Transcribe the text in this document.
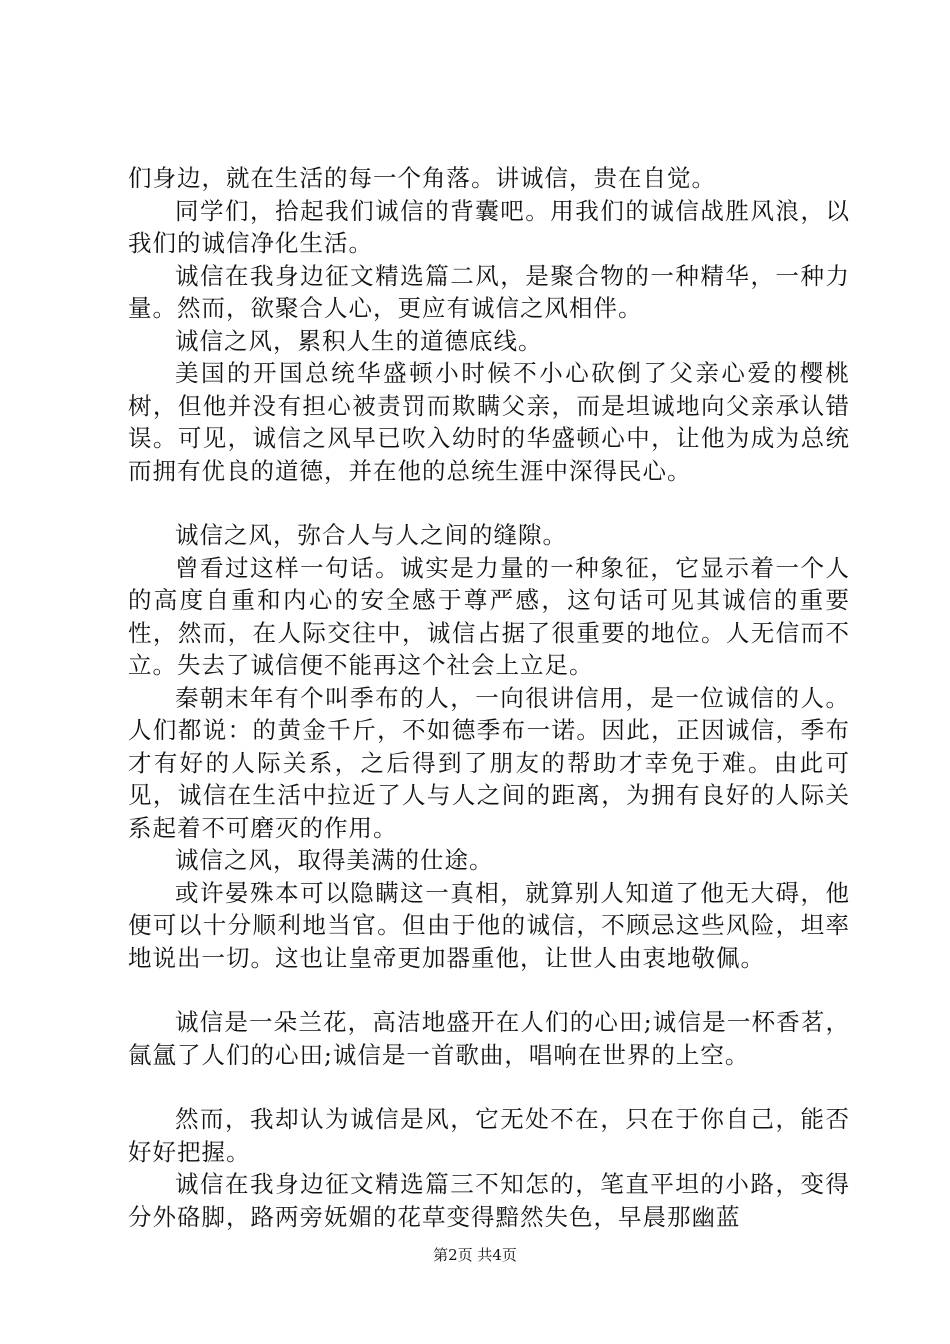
们身边，就在生活的每一个角落。讲诚信，贵在自觉。

同学们，拾起我们诚信的背囊吧。用我们的诚信战胜风浪，以我们的诚信净化生活。

诚信在我身边征文精选篇二风，是聚合物的一种精华，一种力量。然而，欲聚合人心，更应有诚信之风相伴。

诚信之风，累积人生的道德底线。

美国的开国总统华盛顿小时候不小心砍倒了父亲心爱的樱桃树，但他并没有担心被责罚而欺瞒父亲，而是坦诚地向父亲承认错误。可见，诚信之风早已吹入幼时的华盛顿心中，让他为成为总统而拥有优良的道德，并在他的总统生涯中深得民心。

诚信之风，弥合人与人之间的缝隙。

曾看过这样一句话。诚实是力量的一种象征，它显示着一个人的高度自重和内心的安全感于尊严感，这句话可见其诚信的重要性，然而，在人际交往中，诚信占据了很重要的地位。人无信而不立。失去了诚信便不能再这个社会上立足。

秦朝末年有个叫季布的人，一向很讲信用，是一位诚信的人。人们都说：的黄金千斤，不如德季布一诺。因此，正因诚信，季布才有好的人际关系，之后得到了朋友的帮助才幸免于难。由此可见，诚信在生活中拉近了人与人之间的距离，为拥有良好的人际关系起着不可磨灭的作用。

诚信之风，取得美满的仕途。

或许晏殊本可以隐瞒这一真相，就算别人知道了他无大碍，他便可以十分顺利地当官。但由于他的诚信，不顾忌这些风险，坦率地说出一切。这也让皇帝更加器重他，让世人由衷地敬佩。

诚信是一朵兰花，高洁地盛开在人们的心田;诚信是一杯香茗，氤氲了人们的心田;诚信是一首歌曲，唱响在世界的上空。

然而，我却认为诚信是风，它无处不在，只在于你自己，能否好好把握。

诚信在我身边征文精选篇三不知怎的，笔直平坦的小路，变得分外硌脚，路两旁妩媚的花草变得黯然失色，早晨那幽蓝

第2页 共4页
